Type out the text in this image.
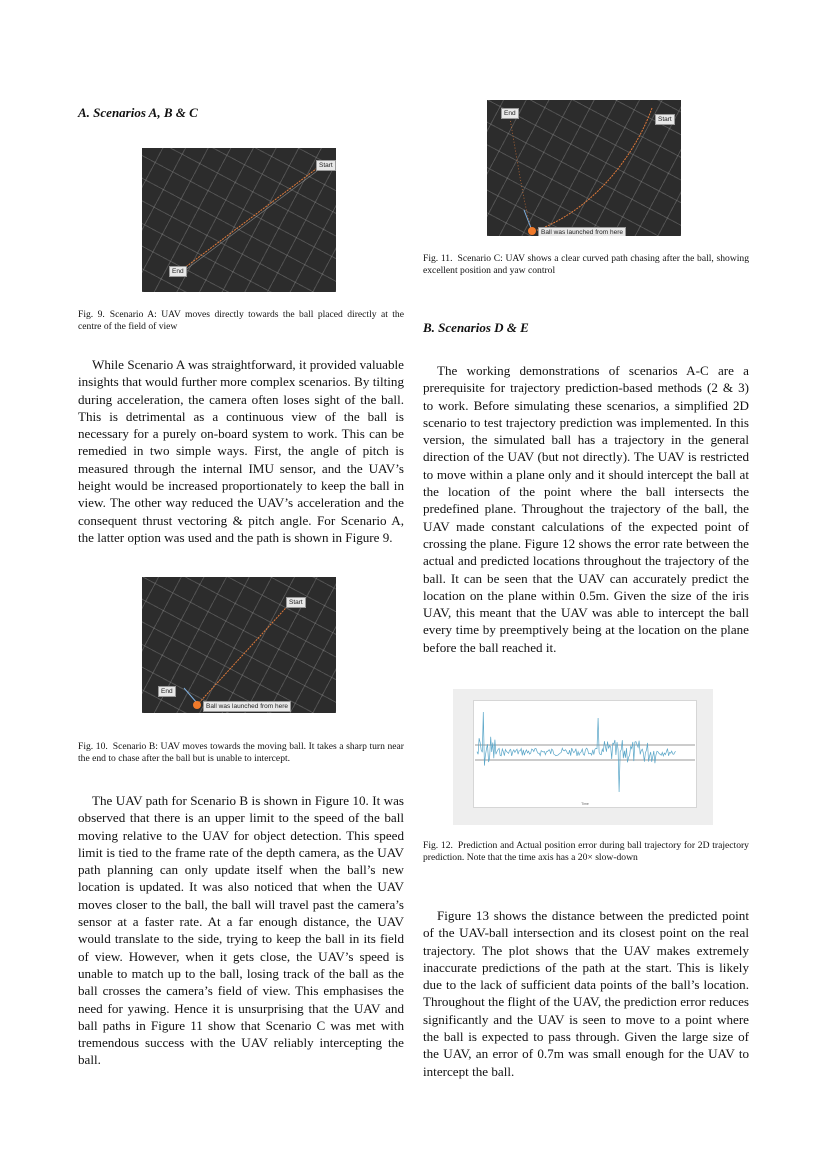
A. Scenarios A, B & C
Start
End

Fig. 9. Scenario A: UAV moves directly towards the ball placed directly at the centre of the field of view

While Scenario A was straightforward, it provided valuable insights that would further more complex scenarios. By tilting during acceleration, the camera often loses sight of the ball. This is detrimental as a continuous view of the ball is necessary for a purely on-board system to work. This can be remedied in two simple ways. First, the angle of pitch is measured through the internal IMU sensor, and the UAV’s height would be increased proportionately to keep the ball in view. The other way reduced the UAV’s acceleration and the consequent thrust vectoring & pitch angle. For Scenario A, the latter option was used and the path is shown in Figure 9.

Start
End
Ball was launched from here

Fig. 10. Scenario B: UAV moves towards the moving ball. It takes a sharp turn near the end to chase after the ball but is unable to intercept.

The UAV path for Scenario B is shown in Figure 10. It was observed that there is an upper limit to the speed of the ball moving relative to the UAV for object detection. This speed limit is tied to the frame rate of the depth camera, as the UAV path planning can only update itself when the ball’s new location is updated. It was also noticed that when the UAV moves closer to the ball, the ball will travel past the camera’s sensor at a faster rate. At a far enough distance, the UAV would translate to the side, trying to keep the ball in its field of view. However, when it gets close, the UAV’s speed is unable to match up to the ball, losing track of the ball as the ball crosses the camera’s field of view. This emphasises the need for yawing. Hence it is unsurprising that the UAV and ball paths in Figure 11 show that Scenario C was met with tremendous success with the UAV reliably intercepting the ball.

Start
End
Ball was launched from here

Fig. 11. Scenario C: UAV shows a clear curved path chasing after the ball, showing excellent position and yaw control

B. Scenarios D & E

The working demonstrations of scenarios A-C are a prerequisite for trajectory prediction-based methods (2 & 3) to work. Before simulating these scenarios, a simplified 2D scenario to test trajectory prediction was implemented. In this version, the simulated ball has a trajectory in the general direction of the UAV (but not directly). The UAV is restricted to move within a plane only and it should intercept the ball at the location of the point where the ball intersects the predefined plane. Throughout the trajectory of the ball, the UAV made constant calculations of the expected point of crossing the plane. Figure 12 shows the error rate between the actual and predicted locations throughout the trajectory of the ball. It can be seen that the UAV can accurately predict the location on the plane within 0.5m. Given the size of the iris UAV, this meant that the UAV was able to intercept the ball every time by preemptively being at the location on the plane before the ball reached it.

Time

Fig. 12. Prediction and Actual position error during ball trajectory for 2D trajectory prediction. Note that the time axis has a 20× slow-down

Figure 13 shows the distance between the predicted point of the UAV-ball intersection and its closest point on the real trajectory. The plot shows that the UAV makes extremely inaccurate predictions of the path at the start. This is likely due to the lack of sufficient data points of the ball’s location. Throughout the flight of the UAV, the prediction error reduces significantly and the UAV is seen to move to a point where the ball is expected to pass through. Given the large size of the UAV, an error of 0.7m was small enough for the UAV to intercept the ball.
